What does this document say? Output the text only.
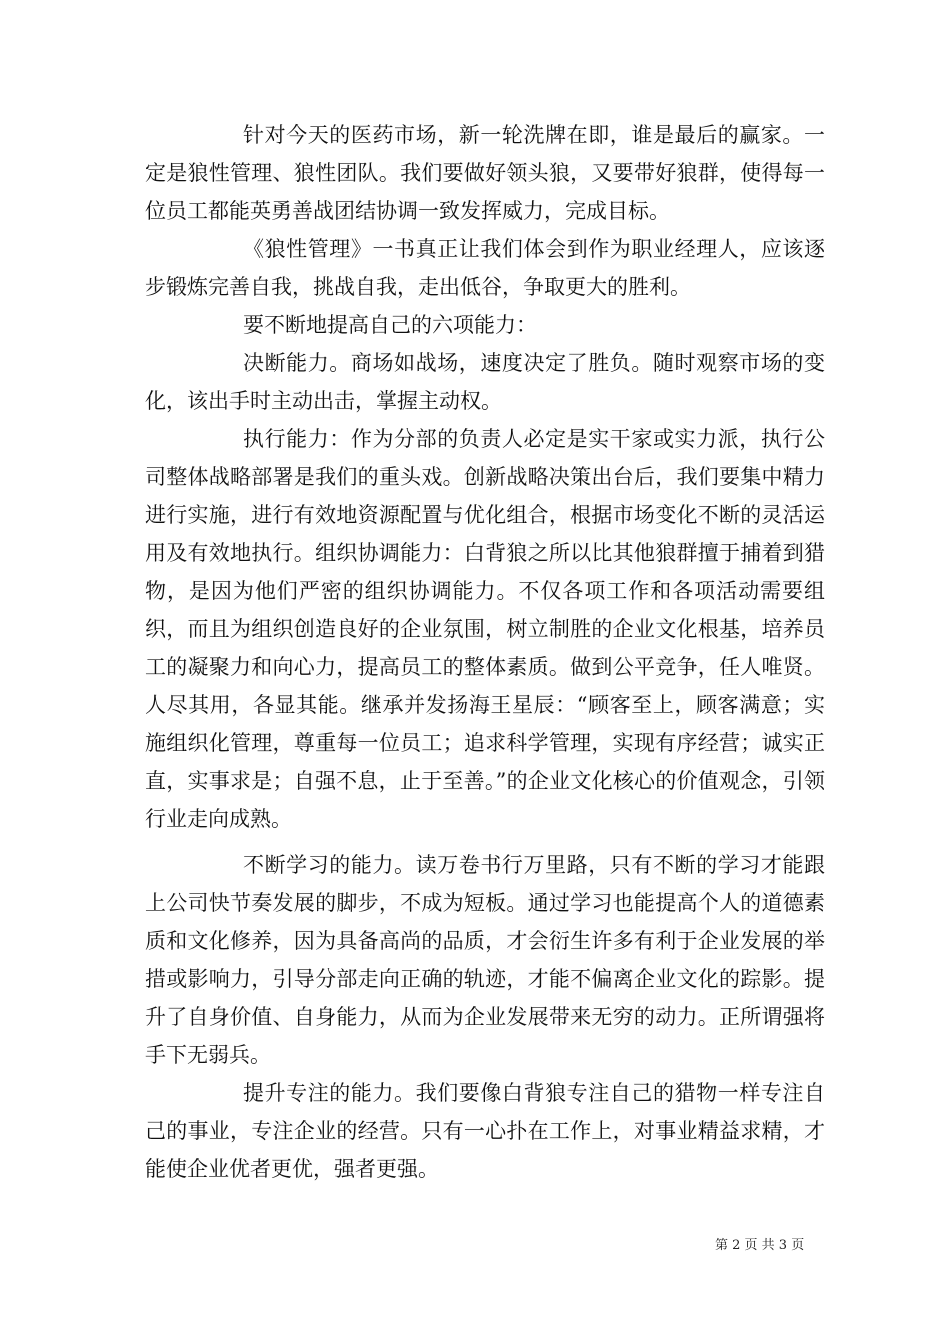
针对今天的医药市场，新一轮洗牌在即，谁是最后的赢家。一定是狼性管理、狼性团队。我们要做好领头狼，又要带好狼群，使得每一位员工都能英勇善战团结协调一致发挥威力，完成目标。

《狼性管理》一书真正让我们体会到作为职业经理人，应该逐步锻炼完善自我，挑战自我，走出低谷，争取更大的胜利。

要不断地提高自己的六项能力：

决断能力。商场如战场，速度决定了胜负。随时观察市场的变化，该出手时主动出击，掌握主动权。

执行能力：作为分部的负责人必定是实干家或实力派，执行公司整体战略部署是我们的重头戏。创新战略决策出台后，我们要集中精力进行实施，进行有效地资源配置与优化组合，根据市场变化不断的灵活运用及有效地执行。组织协调能力：白背狼之所以比其他狼群擅于捕着到猎物，是因为他们严密的组织协调能力。不仅各项工作和各项活动需要组织，而且为组织创造良好的企业氛围，树立制胜的企业文化根基，培养员工的凝聚力和向心力，提高员工的整体素质。做到公平竞争，任人唯贤。人尽其用，各显其能。继承并发扬海王星辰：“顾客至上，顾客满意；实施组织化管理，尊重每一位员工；追求科学管理，实现有序经营；诚实正直，实事求是；自强不息，止于至善。”的企业文化核心的价值观念，引领行业走向成熟。

不断学习的能力。读万卷书行万里路，只有不断的学习才能跟上公司快节奏发展的脚步，不成为短板。通过学习也能提高个人的道德素质和文化修养，因为具备高尚的品质，才会衍生许多有利于企业发展的举措或影响力，引导分部走向正确的轨迹，才能不偏离企业文化的踪影。提升了自身价值、自身能力，从而为企业发展带来无穷的动力。正所谓强将手下无弱兵。

提升专注的能力。我们要像白背狼专注自己的猎物一样专注自己的事业，专注企业的经营。只有一心扑在工作上，对事业精益求精，才能使企业优者更优，强者更强。

第 2 页 共 3 页
